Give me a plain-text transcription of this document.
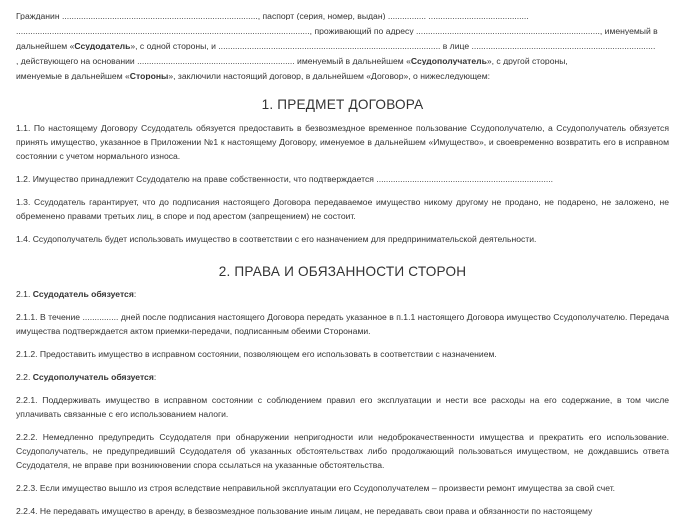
Гражданин .................................................................................., паспорт (серия, номер, выдан) ................ ..........................................

..........................................................................................................................., проживающий по адресу ............................................................................., именуемый в

дальнейшем «Ссудодатель», с одной стороны, и ............................................................................................. в лице .............................................................................

, действующего на основании .................................................................. именуемый в дальнейшем «Ссудополучатель», с другой стороны,

именуемые в дальнейшем «Стороны», заключили настоящий договор, в дальнейшем «Договор», о нижеследующем:

1. ПРЕДМЕТ ДОГОВОРА

1.1. По настоящему Договору Ссудодатель обязуется предоставить в безвозмездное временное пользование Ссудополучателю, а Ссудополучатель обязуется принять имущество, указанное в Приложении №1 к настоящему Договору, именуемое в дальнейшем «Имущество», и своевременно возвратить его в исправном состоянии с учетом нормального износа.

1.2. Имущество принадлежит Ссудодателю на праве собственности, что подтверждается ..........................................................................

1.3. Ссудодатель гарантирует, что до подписания настоящего Договора передаваемое имущество никому другому не продано, не подарено, не заложено, не обременено правами третьих лиц, в споре и под арестом (запрещением) не состоит.

1.4. Ссудополучатель будет использовать имущество в соответствии с его назначением для предпринимательской деятельности.

2. ПРАВА И ОБЯЗАННОСТИ СТОРОН

2.1. Ссудодатель обязуется:

2.1.1. В течение ............... дней после подписания настоящего Договора передать указанное в п.1.1 настоящего Договора имущество Ссудополучателю. Передача имущества подтверждается актом приемки-передачи, подписанным обеими Сторонами.

2.1.2. Предоставить имущество в исправном состоянии, позволяющем его использовать в соответствии с назначением.

2.2. Ссудополучатель обязуется:

2.2.1. Поддерживать имущество в исправном состоянии с соблюдением правил его эксплуатации и нести все расходы на его содержание, в том числе уплачивать связанные с его использованием налоги.

2.2.2. Немедленно предупредить Ссудодателя при обнаружении непригодности или недоброкачественности имущества и прекратить его использование. Ссудополучатель, не предупредивший Ссудодателя об указанных обстоятельствах либо продолжающий пользоваться имуществом, не дождавшись ответа Ссудодателя, не вправе при возникновении спора ссылаться на указанные обстоятельства.

2.2.3. Если имущество вышло из строя вследствие неправильной эксплуатации его Ссудополучателем – произвести ремонт имущества за свой счет.

2.2.4. Не передавать имущество в аренду, в безвозмездное пользование иным лицам, не передавать свои права и обязанности по настоящему
